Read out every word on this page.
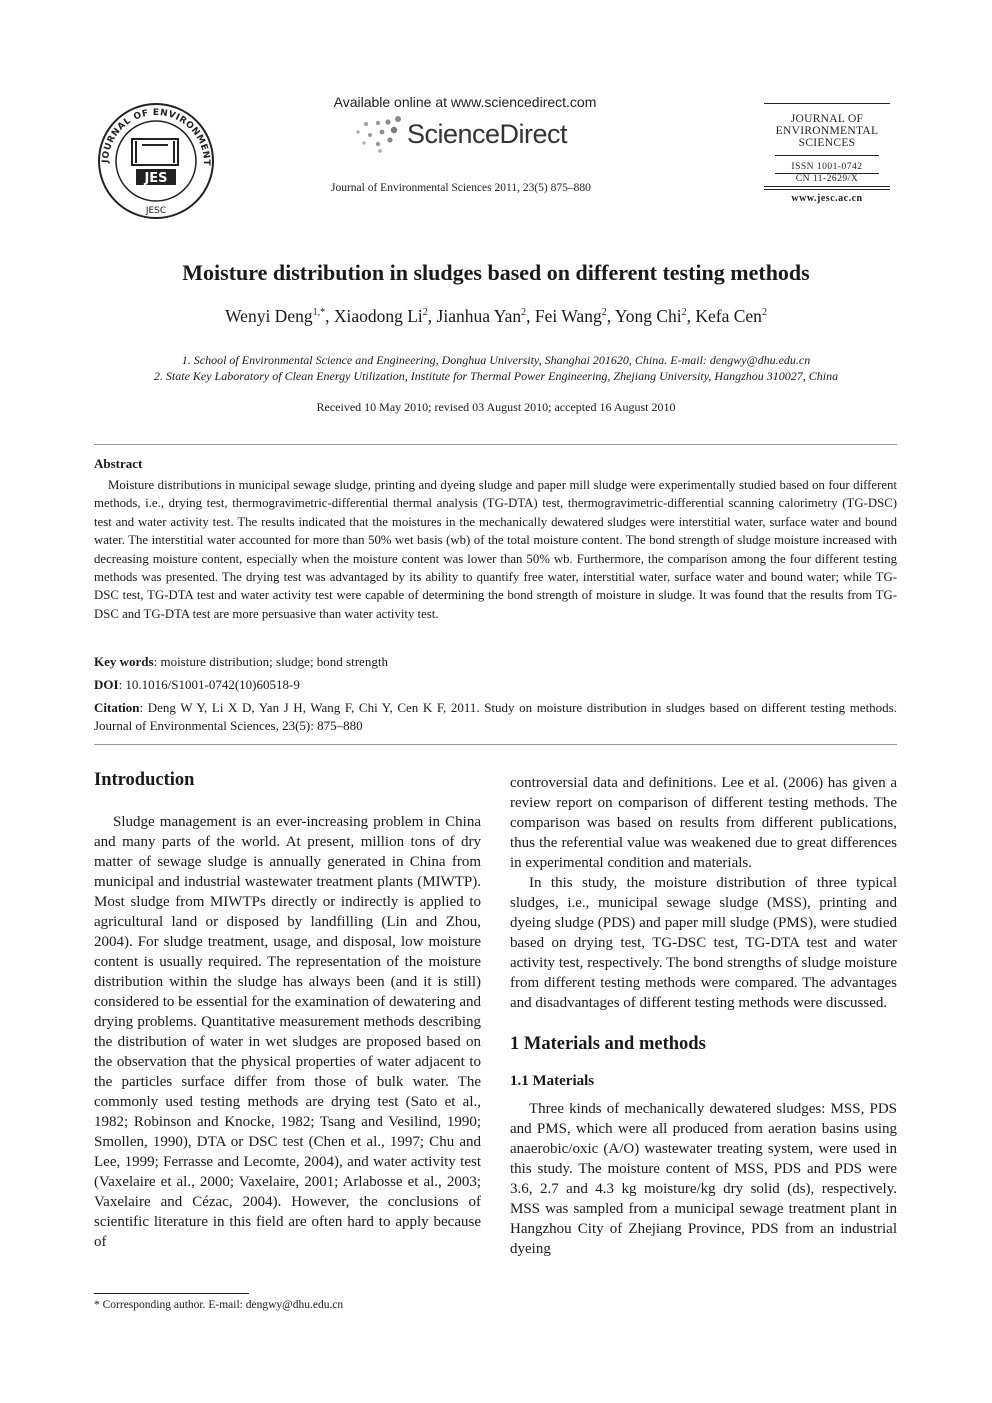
JOURNAL OF ENVIRONMENT
JES
JESC
Available online at www.sciencedirect.com
ScienceDirect
Journal of Environmental Sciences 2011, 23(5) 875–880
JOURNAL OF
ENVIRONMENTAL
SCIENCES
ISSN 1001-0742
CN 11-2629/X
www.jesc.ac.cn
Moisture distribution in sludges based on different testing methods
Wenyi Deng$^{1,*}$, Xiaodong Li$^2$, Jianhua Yan$^2$, Fei Wang$^2$, Yong Chi$^2$, Kefa Cen$^2$
1. School of Environmental Science and Engineering, Donghua University, Shanghai 201620, China. E-mail: dengwy@dhu.edu.cn
2. State Key Laboratory of Clean Energy Utilization, Institute for Thermal Power Engineering, Zhejiang University, Hangzhou 310027, China
Received 10 May 2010; revised 03 August 2010; accepted 16 August 2010
Abstract
Moisture distributions in municipal sewage sludge, printing and dyeing sludge and paper mill sludge were experimentally studied based on four different methods, i.e., drying test, thermogravimetric-differential thermal analysis (TG-DTA) test, thermogravimetric-differential scanning calorimetry (TG-DSC) test and water activity test. The results indicated that the moistures in the mechanically dewatered sludges were interstitial water, surface water and bound water. The interstitial water accounted for more than 50% wet basis (wb) of the total moisture content. The bond strength of sludge moisture increased with decreasing moisture content, especially when the moisture content was lower than 50% wb. Furthermore, the comparison among the four different testing methods was presented. The drying test was advantaged by its ability to quantify free water, interstitial water, surface water and bound water; while TG-DSC test, TG-DTA test and water activity test were capable of determining the bond strength of moisture in sludge. It was found that the results from TG-DSC and TG-DTA test are more persuasive than water activity test.
Key words: moisture distribution; sludge; bond strength
DOI: 10.1016/S1001-0742(10)60518-9
Citation: Deng W Y, Li X D, Yan J H, Wang F, Chi Y, Cen K F, 2011. Study on moisture distribution in sludges based on different testing methods. Journal of Environmental Sciences, 23(5): 875–880
Introduction

Sludge management is an ever-increasing problem in China and many parts of the world. At present, million tons of dry matter of sewage sludge is annually generated in China from municipal and industrial wastewater treatment plants (MIWTP). Most sludge from MIWTPs directly or indirectly is applied to agricultural land or disposed by landfilling (Lin and Zhou, 2004). For sludge treatment, usage, and disposal, low moisture content is usually required. The representation of the moisture distribution within the sludge has always been (and it is still) considered to be essential for the examination of dewatering and drying problems. Quantitative measurement methods describing the distribution of water in wet sludges are proposed based on the observation that the physical properties of water adjacent to the particles surface differ from those of bulk water. The commonly used testing methods are drying test (Sato et al., 1982; Robinson and Knocke, 1982; Tsang and Vesilind, 1990; Smollen, 1990), DTA or DSC test (Chen et al., 1997; Chu and Lee, 1999; Ferrasse and Lecomte, 2004), and water activity test (Vaxelaire et al., 2000; Vaxelaire, 2001; Arlabosse et al., 2003; Vaxelaire and Cézac, 2004). However, the conclusions of scientific literature in this field are often hard to apply because of

* Corresponding author. E-mail: dengwy@dhu.edu.cn

controversial data and definitions. Lee et al. (2006) has given a review report on comparison of different testing methods. The comparison was based on results from different publications, thus the referential value was weakened due to great differences in experimental condition and materials.

In this study, the moisture distribution of three typical sludges, i.e., municipal sewage sludge (MSS), printing and dyeing sludge (PDS) and paper mill sludge (PMS), were studied based on drying test, TG-DSC test, TG-DTA test and water activity test, respectively. The bond strengths of sludge moisture from different testing methods were compared. The advantages and disadvantages of different testing methods were discussed.

1 Materials and methods
1.1 Materials

Three kinds of mechanically dewatered sludges: MSS, PDS and PMS, which were all produced from aeration basins using anaerobic/oxic (A/O) wastewater treating system, were used in this study. The moisture content of MSS, PDS and PDS were 3.6, 2.7 and 4.3 kg moisture/kg dry solid (ds), respectively. MSS was sampled from a municipal sewage treatment plant in Hangzhou City of Zhejiang Province, PDS from an industrial dyeing
